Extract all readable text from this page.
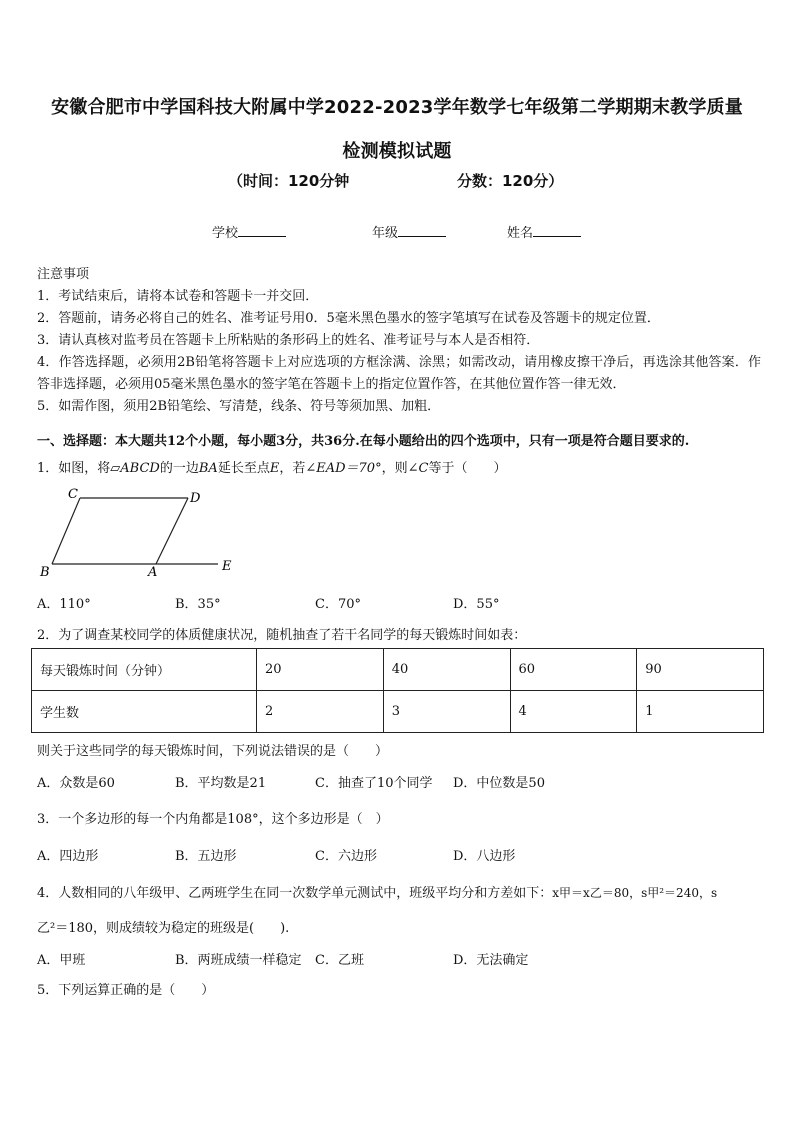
安徽合肥市中学国科技大附属中学2022-2023学年数学七年级第二学期期末教学质量
检测模拟试题
（时间：120分钟	分数：120分）
学校	年级	姓名
注意事项
1．考试结束后，请将本试卷和答题卡一并交回．
2．答题前，请务必将自己的姓名、准考证号用0．5毫米黑色墨水的签字笔填写在试卷及答题卡的规定位置．
3．请认真核对监考员在答题卡上所粘贴的条形码上的姓名、准考证号与本人是否相符．
4．作答选择题，必须用2B铅笔将答题卡上对应选项的方框涂满、涂黑；如需改动，请用橡皮擦干净后，再选涂其他答案．作答非选择题，必须用05毫米黑色墨水的签字笔在答题卡上的指定位置作答，在其他位置作答一律无效．
5．如需作图，须用2B铅笔绘、写清楚，线条、符号等须加黑、加粗．
一、选择题：本大题共12个小题，每小题3分，共36分.在每小题给出的四个选项中，只有一项是符合题目要求的.
1．如图，将▱ABCD的一边BA延长至点E，若∠EAD＝70°，则∠C等于（　　）
C	D
B	A	E
A．110°	B．35°	C．70°	D．55°
2．为了调查某校同学的体质健康状况，随机抽查了若干名同学的每天锻炼时间如表：
每天锻炼时间（分钟）	20	40	60	90
学生数	2	3	4	1
则关于这些同学的每天锻炼时间，下列说法错误的是（　　）
A．众数是60	B．平均数是21	C．抽查了10个同学 D．中位数是50
3．一个多边形的每一个内角都是108°，这个多边形是（　）
A．四边形	B．五边形	C．六边形	D．八边形
4．人数相同的八年级甲、乙两班学生在同一次数学单元测试中，班级平均分和方差如下：x甲＝x乙＝80，s甲²＝240，s
乙²＝180，则成绩较为稳定的班级是(　　).
A．甲班	B．两班成绩一样稳定 C．乙班	D．无法确定
5．下列运算正确的是（　　）
